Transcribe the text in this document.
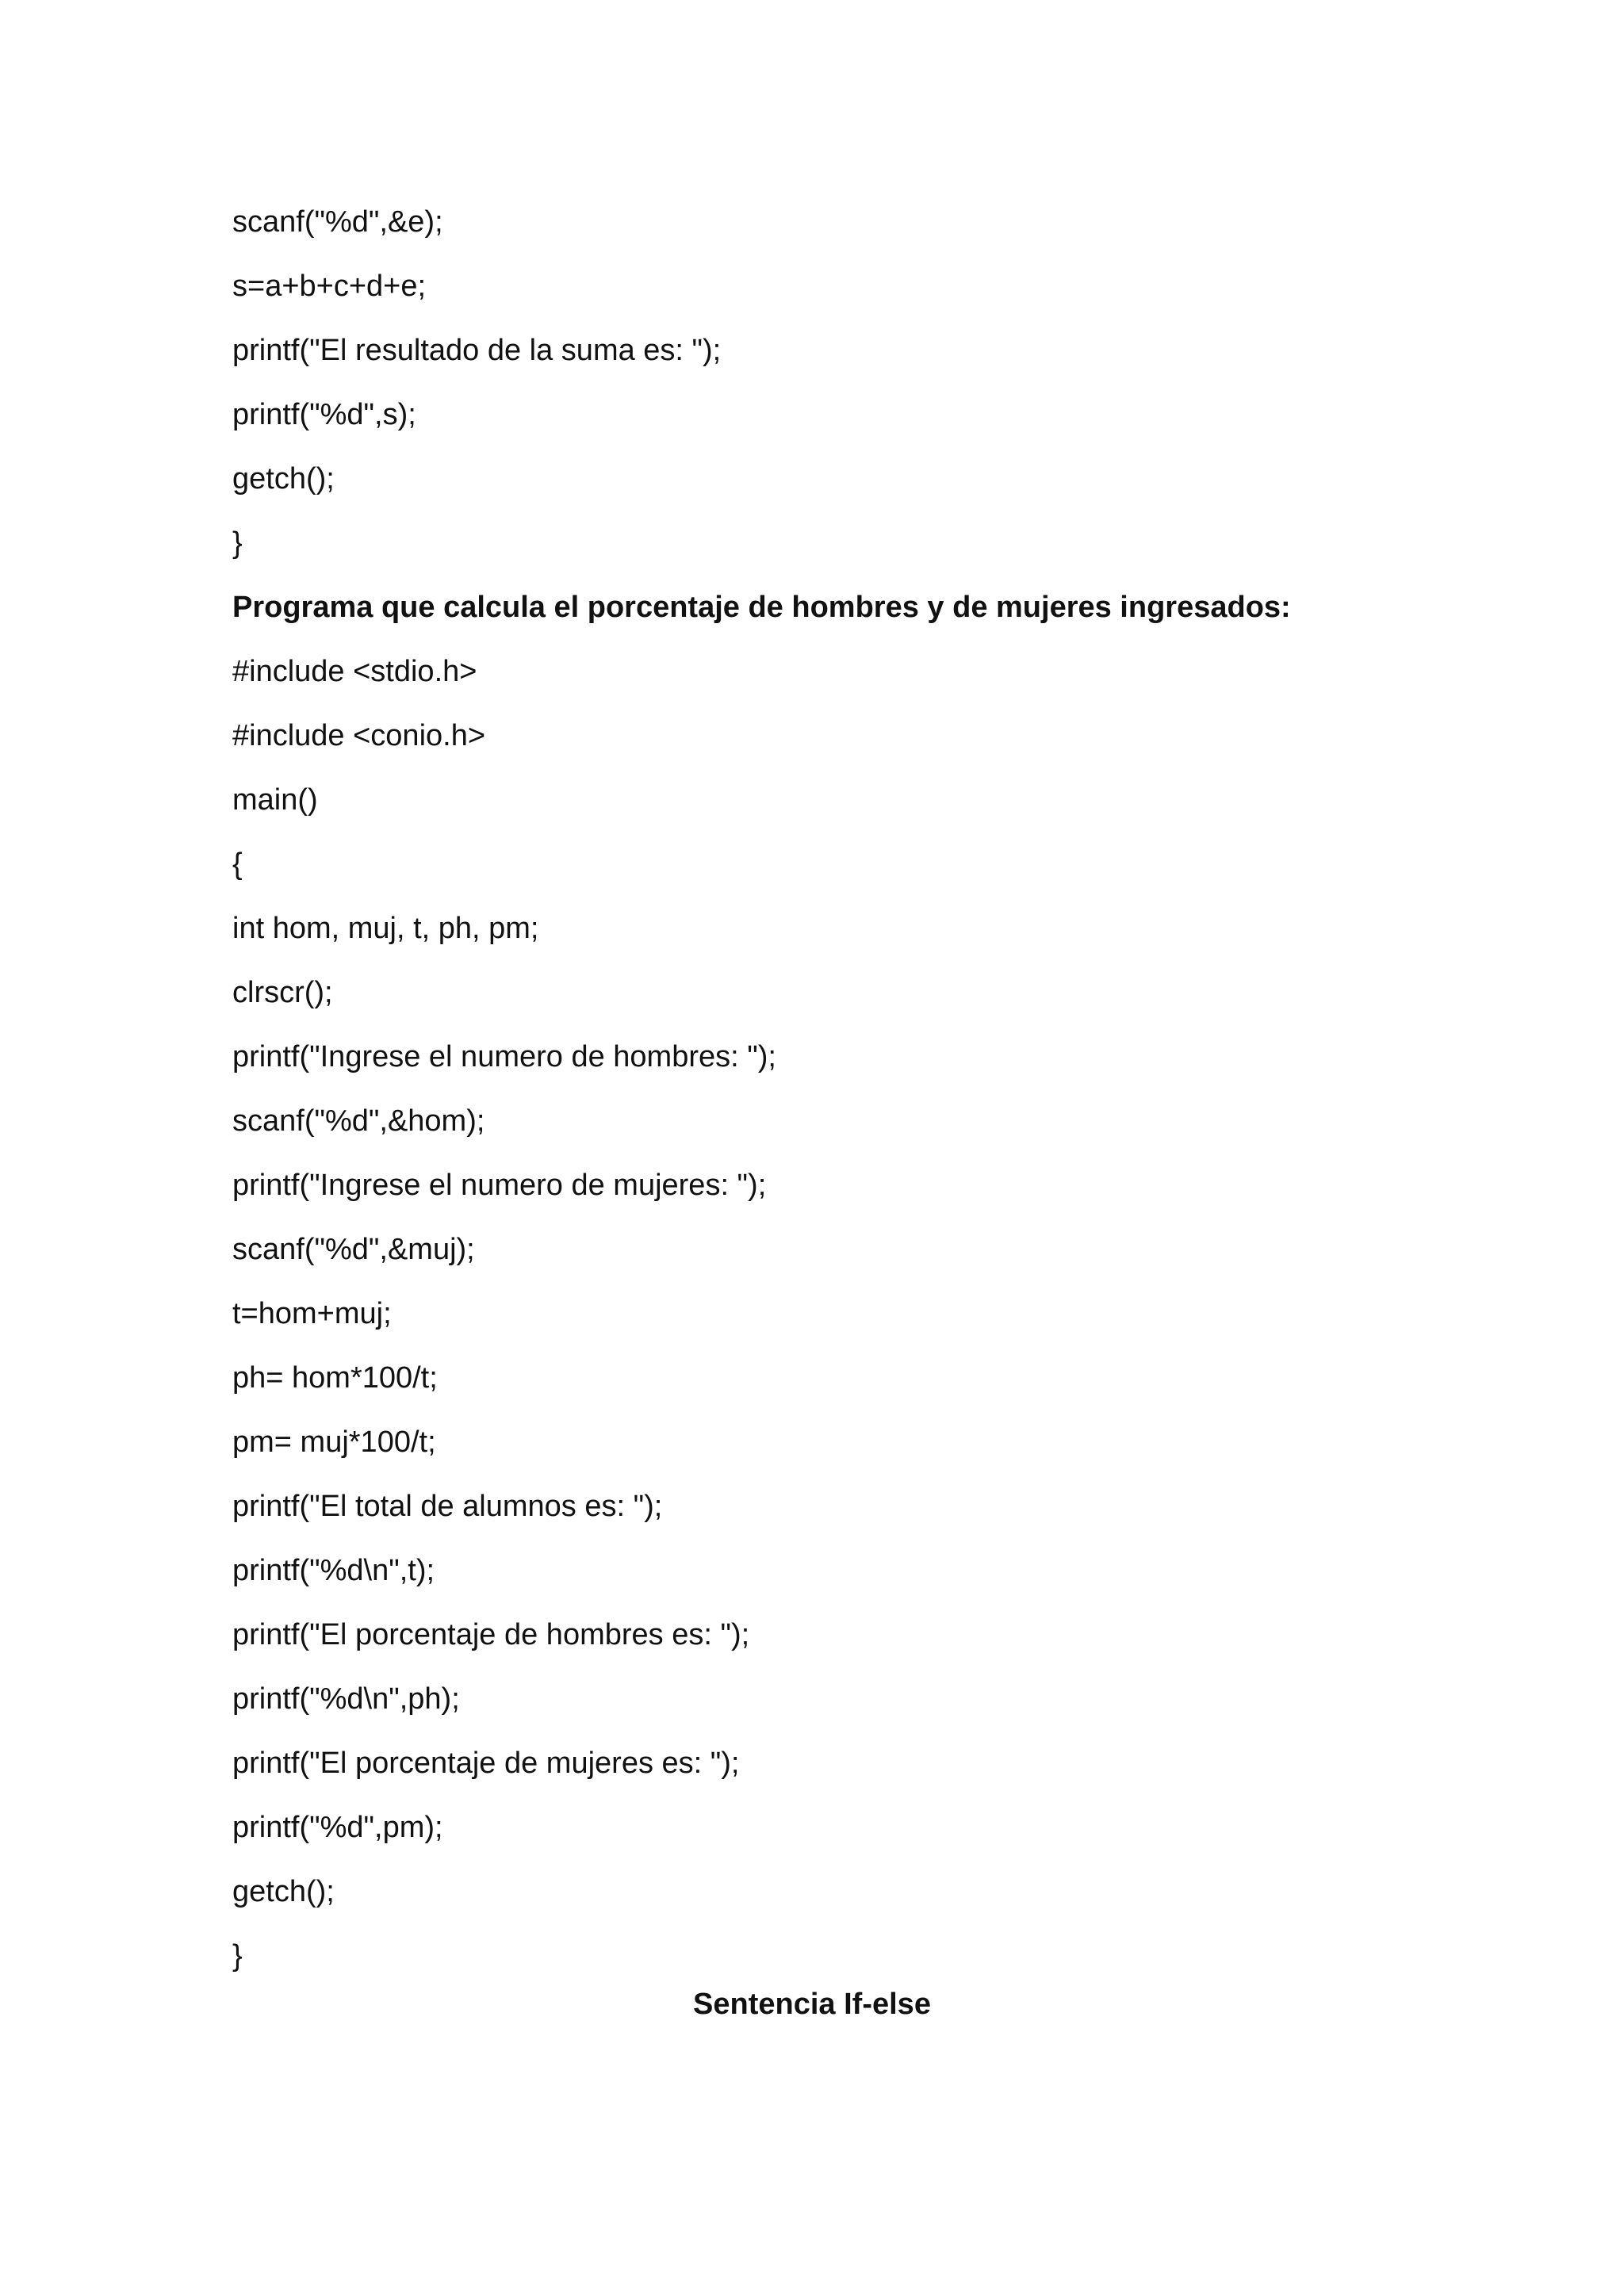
scanf("%d",&e);

s=a+b+c+d+e;

printf("El resultado de la suma es: ");

printf("%d",s);

getch();

}

Programa que calcula el porcentaje de hombres y de mujeres ingresados:

#include <stdio.h>

#include <conio.h>

main()

{

int hom, muj, t, ph, pm;

clrscr();

printf("Ingrese el numero de hombres: ");

scanf("%d",&hom);

printf("Ingrese el numero de mujeres: ");

scanf("%d",&muj);

t=hom+muj;

ph= hom*100/t;

pm= muj*100/t;

printf("El total de alumnos es: ");

printf("%d\n",t);

printf("El porcentaje de hombres es: ");

printf("%d\n",ph);

printf("El porcentaje de mujeres es: ");

printf("%d",pm);

getch();

}

Sentencia If-else
